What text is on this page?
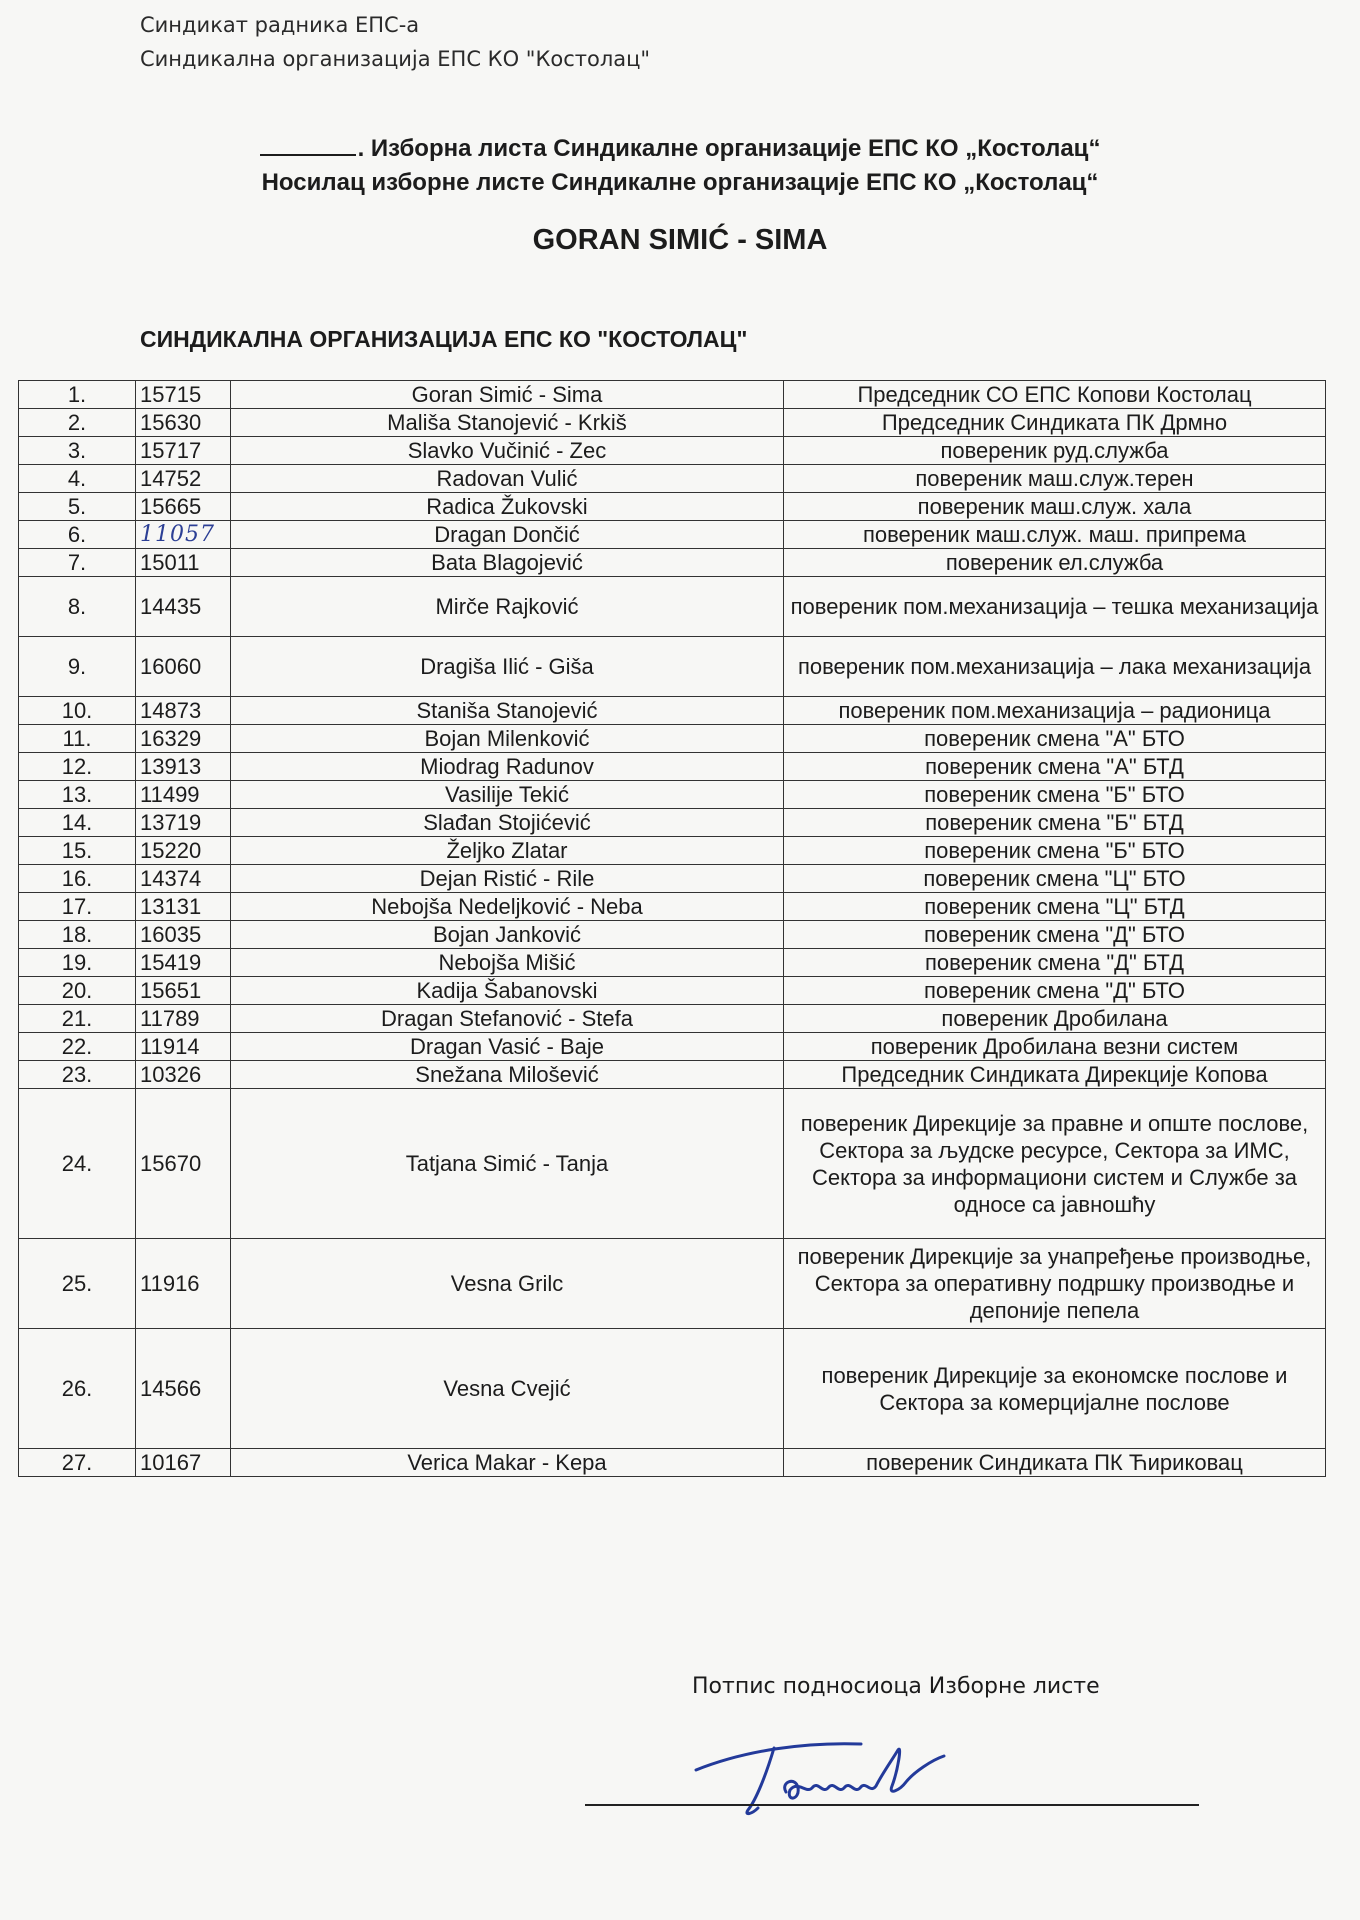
Синдикат радника ЕПС-а
Синдикална организација ЕПС КО "Костолац"
. Изборна листа Синдикалне организације ЕПС КО „Костолац“
Носилац изборне листе Синдикалне организације ЕПС КО „Костолац“
GORAN SIMIĆ - SIMA
СИНДИКАЛНА ОРГАНИЗАЦИЈА ЕПС КО "КОСТОЛАЦ"
1.	15715	Goran Simić - Sima	Председник СО ЕПС Копови Костолац
2.	15630	Mališa Stanojević - Krkiš	Председник Синдиката ПК Дрмно
3.	15717	Slavko Vučinić - Zec	повереник руд.служба
4.	14752	Radovan Vulić	повереник маш.служ.терен
5.	15665	Radica Žukovski	повереник маш.служ. хала
6.	11057	Dragan Dončić	повереник маш.служ. маш. припрема
7.	15011	Bata Blagojević	повереник ел.служба
8.	14435	Mirče Rajković	повереник пом.механизација – тешка механизација
9.	16060	Dragiša Ilić - Giša	повереник пом.механизација – лака механизација
10.	14873	Staniša Stanojević	повереник пом.механизација – радионица
11.	16329	Bojan Milenković	повереник смена "А" БТО
12.	13913	Miodrag Radunov	повереник смена "А" БТД
13.	11499	Vasilije Tekić	повереник смена "Б" БТО
14.	13719	Slađan Stojićević	повереник смена "Б" БТД
15.	15220	Željko Zlatar	повереник смена "Б" БТО
16.	14374	Dejan Ristić - Rile	повереник смена "Ц" БТО
17.	13131	Nebojša Nedeljković - Neba	повереник смена "Ц" БТД
18.	16035	Bojan Janković	повереник смена "Д" БТО
19.	15419	Nebojša Mišić	повереник смена "Д" БТД
20.	15651	Kadija Šabanovski	повереник смена "Д" БТО
21.	11789	Dragan Stefanović - Stefa	повереник Дробилана
22.	11914	Dragan Vasić - Baje	повереник Дробилана везни систем
23.	10326	Snežana Milošević	Председник Синдиката Дирекције Копова
24.	15670	Tatjana Simić - Tanja	повереник Дирекције за правне и опште послове, Сектора за људске ресурсе, Сектора за ИМС, Сектора за информациони систем и Службе за односе са јавношћу
25.	11916	Vesna Grilc	повереник Дирекције за унапређење производње, Сектора за оперативну подршку производње и депоније пепела
26.	14566	Vesna Cvejić	повереник Дирекције за економске послове и Сектора за комерцијалне послове
27.	10167	Verica Makar - Kepa	повереник Синдиката ПК Ћириковац
Потпис подносиоца Изборне листе
